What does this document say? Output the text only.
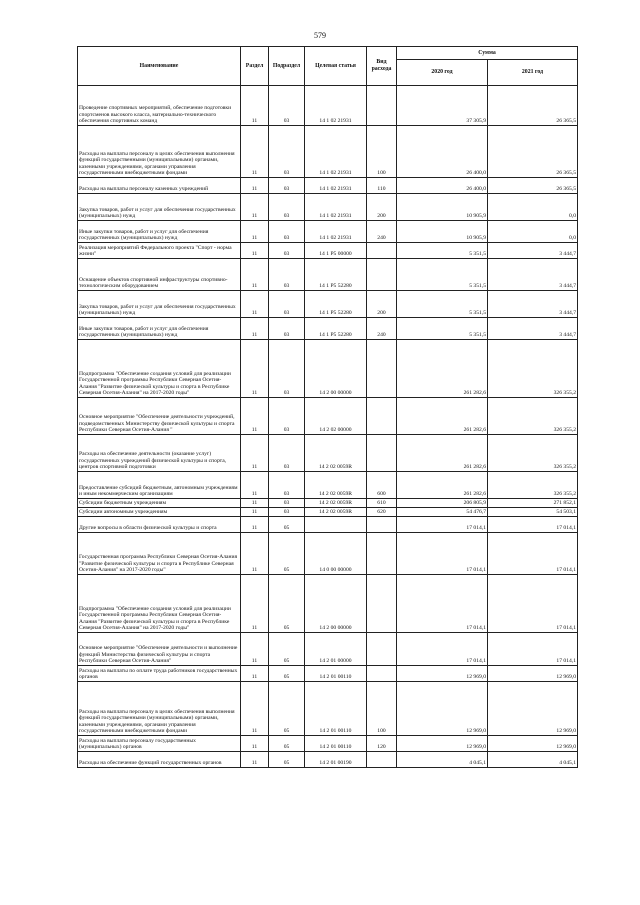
579
Наименование	Раздел	Подраздел	Целевая статья	Вид расхода	Сумма	
					2020 год	2021 год
Проведение спортивных мероприятий, обеспечение подготовки спортсменов высокого класса, материально-технического обеспечения спортивных команд	11	03	14 1 02 21931		37 305,9	26 365,5
Расходы на выплаты персоналу в целях обеспечения выполнения функций государственными (муниципальными) органами, казенными учреждениями, органами управления государственными внебюджетными фондами	11	03	14 1 02 21931	100	26 400,0	26 365,5
Расходы на выплаты персоналу казенных учреждений	11	03	14 1 02 21931	110	26 400,0	26 365,5
Закупка товаров, работ и услуг для обеспечения государственных (муниципальных) нужд	11	03	14 1 02 21931	200	10 905,9	0,0
Иные закупки товаров, работ и услуг для обеспечения государственных (муниципальных) нужд	11	03	14 1 02 21931	240	10 905,9	0,0
Реализация мероприятий Федерального проекта "Спорт - норма жизни"	11	03	14 1 P5 00000		5 351,5	3 444,7
Оснащение объектов спортивной инфраструктуры спортивно-технологическим оборудованием	11	03	14 1 P5 52280		5 351,5	3 444,7
Закупка товаров, работ и услуг для обеспечения государственных (муниципальных) нужд	11	03	14 1 P5 52280	200	5 351,5	3 444,7
Иные закупки товаров, работ и услуг для обеспечения государственных (муниципальных) нужд	11	03	14 1 P5 52280	240	5 351,5	3 444,7
Подпрограмма "Обеспечение создания условий для реализации Государственной программы Республики Северная Осетия-Алания "Развитие физической культуры и спорта в Республике Северная Осетия-Алания" на 2017-2020 годы"	11	03	14 2 00 00000		261 282,6	326 355,2
Основное мероприятие "Обеспечение деятельности учреждений, подведомственных Министерству физической культуры и спорта Республики Северная Осетия-Алания "	11	03	14 2 02 00000		261 282,6	326 355,2
Расходы на обеспечение деятельности (оказание услуг) государственных учреждений физической культуры и спорта, центров спортивной подготовки	11	03	14 2 02 0059R		261 282,6	326 355,2
Предоставление субсидий бюджетным, автономным учреждениям и иным некоммерческим организациям	11	03	14 2 02 0059R	600	261 282,6	326 355,2
Субсидии бюджетным учреждениям	11	03	14 2 02 0059R	610	206 805,9	271 852,1
Субсидии автономным учреждениям	11	03	14 2 02 0059R	620	54 476,7	54 503,1
Другие вопросы в области физической культуры и спорта	11	05			17 014,1	17 014,1
Государственная программа Республики Северная Осетия-Алания "Развитие физической культуры и спорта в Республике Северная Осетия-Алания" на 2017-2020 годы"	11	05	14 0 00 00000		17 014,1	17 014,1
Подпрограмма "Обеспечение создания условий для реализации Государственной программы Республики Северная Осетия-Алания "Развитие физической культуры и спорта в Республике Северная Осетия-Алания" на 2017-2020 годы"	11	05	14 2 00 00000		17 014,1	17 014,1
Основное мероприятие "Обеспечение деятельности и выполнение функций Министерства физической культуры и спорта Республики Северная Осетия-Алания"	11	05	14 2 01 00000		17 014,1	17 014,1
Расходы на выплаты по оплате труда работников государственных органов	11	05	14 2 01 00110		12 969,0	12 969,0
Расходы на выплаты персоналу в целях обеспечения выполнения функций государственными (муниципальными) органами, казенными учреждениями, органами управления государственными внебюджетными фондами	11	05	14 2 01 00110	100	12 969,0	12 969,0
Расходы на выплаты персоналу государственных (муниципальных) органов	11	05	14 2 01 00110	120	12 969,0	12 969,0
Расходы на обеспечение функций государственных органов	11	05	14 2 01 00190		4 045,1	4 045,1
